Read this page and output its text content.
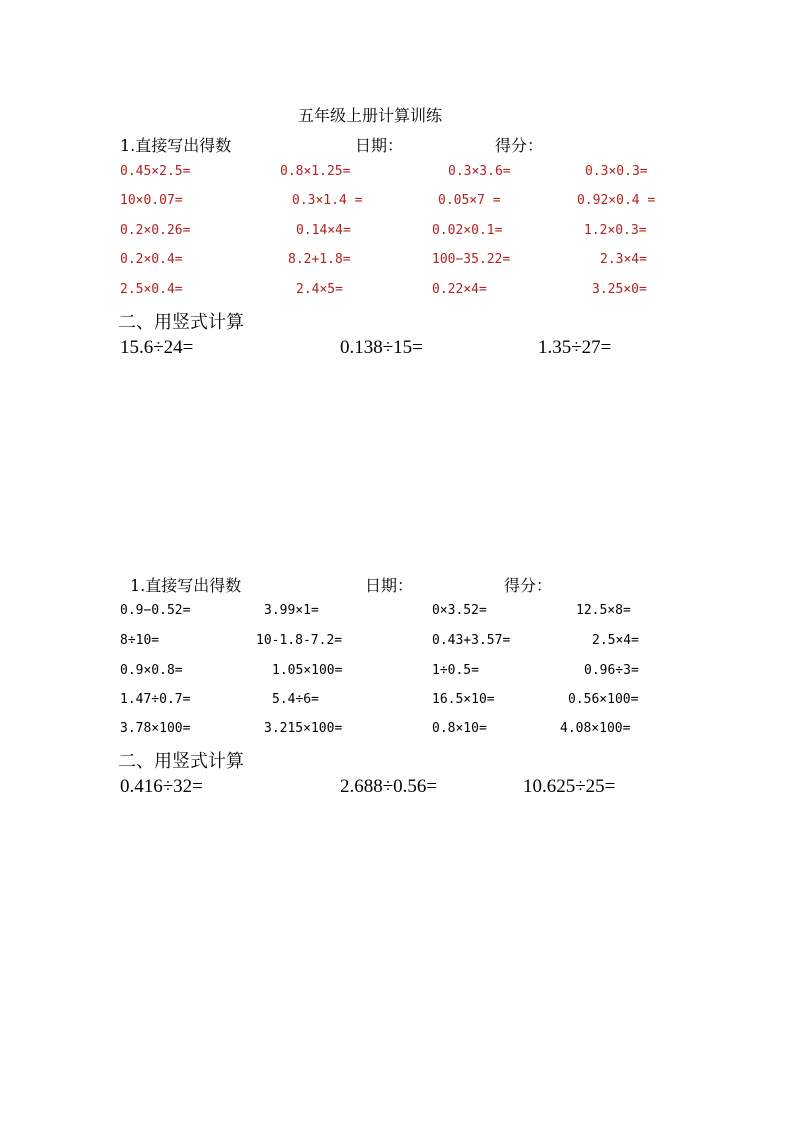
五年级上册计算训练
1.直接写出得数	日期：	得分：
0.45×2.5=	0.8×1.25=	0.3×3.6=	0.3×0.3=
10×0.07=	0.3×1.4 =	0.05×7 =	0.92×0.4 =
0.2×0.26=	0.14×4=	0.02×0.1=	1.2×0.3=
0.2×0.4=	8.2+1.8=	100−35.22=	2.3×4=
2.5×0.4=	2.4×5=	0.22×4=	3.25×0=
二、用竖式计算
15.6÷24=	0.138÷15=	1.35÷27=
1.直接写出得数	日期：	得分：
0.9−0.52=	3.99×1=	0×3.52=	12.5×8=
8÷10=	10-1.8-7.2=	0.43+3.57=	2.5×4=
0.9×0.8=	1.05×100=	1÷0.5=	0.96÷3=
1.47÷0.7=	5.4÷6=	16.5×10=	0.56×100=
3.78×100=	3.215×100=	0.8×10=	4.08×100=
二、用竖式计算
0.416÷32=	2.688÷0.56=	10.625÷25=
